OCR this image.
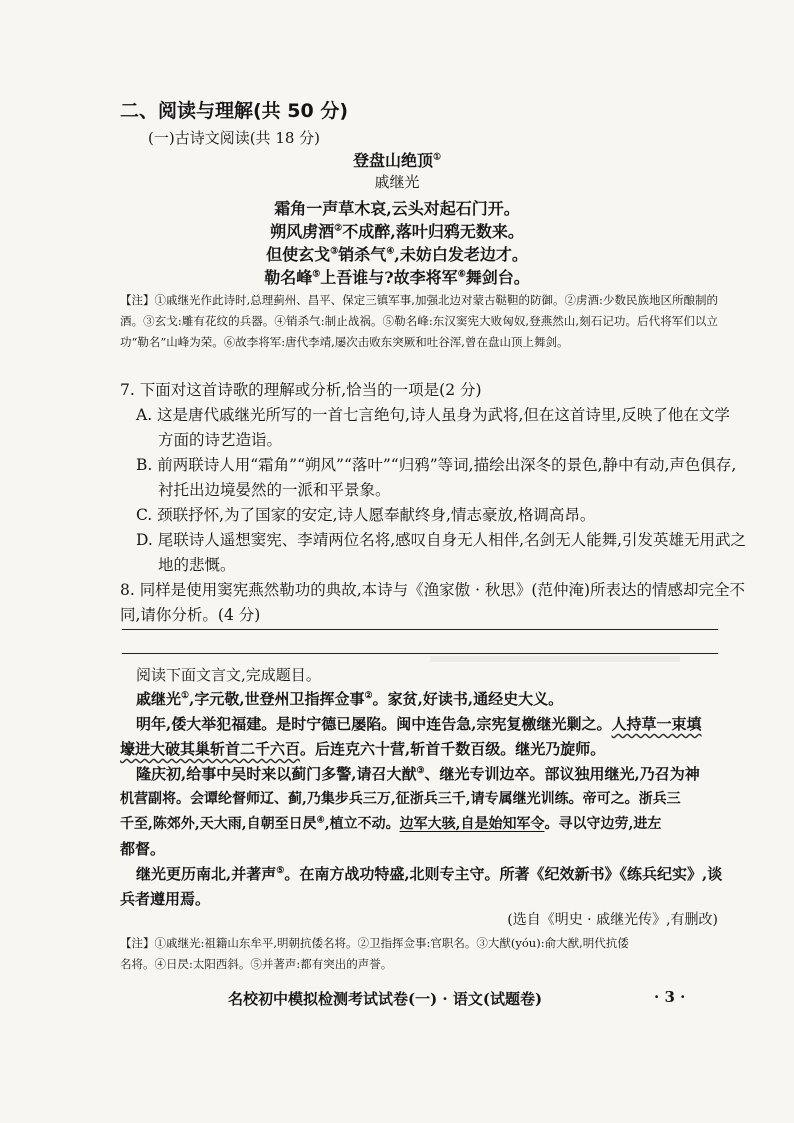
二、阅读与理解(共 50 分)
(一)古诗文阅读(共 18 分)
登盘山绝顶①
戚继光
霜角一声草木哀,云头对起石门开。
朔风虏酒②不成醉,落叶归鸦无数来。
但使玄戈③销杀气④,未妨白发老边才。
勒名峰⑤上吾谁与?故李将军⑥舞剑台。
【注】①戚继光作此诗时,总理蓟州、昌平、保定三镇军事,加强北边对蒙古鞑靼的防御。②虏酒:少数民族地区所酿制的酒。③玄戈:雕有花纹的兵器。④销杀气:制止战祸。⑤勒名峰:东汉窦宪大败匈奴,登燕然山,刻石记功。后代将军们以立功“勒名”山峰为荣。⑥故李将军:唐代李靖,屡次击败东突厥和吐谷浑,曾在盘山顶上舞剑。
7. 下面对这首诗歌的理解或分析,恰当的一项是(2 分)
A. 这是唐代戚继光所写的一首七言绝句,诗人虽身为武将,但在这首诗里,反映了他在文学
方面的诗艺造诣。
B. 前两联诗人用“霜角”“朔风”“落叶”“归鸦”等词,描绘出深冬的景色,静中有动,声色俱存,
衬托出边境晏然的一派和平景象。
C. 颈联抒怀,为了国家的安定,诗人愿奉献终身,情志豪放,格调高昂。
D. 尾联诗人遥想窦宪、李靖两位名将,感叹自身无人相伴,名剑无人能舞,引发英雄无用武之
地的悲慨。
8. 同样是使用窦宪燕然勒功的典故,本诗与《渔家傲 · 秋思》(范仲淹)所表达的情感却完全不
同,请你分析。(4 分)
阅读下面文言文,完成题目。
戚继光①,字元敬,世登州卫指挥佥事②。家贫,好读书,通经史大义。
明年,倭大举犯福建。是时宁德已屡陷。闽中连告急,宗宪复檄继光剿之。人持草一束填
壕进大破其巢斩首二千六百。后连克六十营,斩首千数百级。继光乃旋师。
隆庆初,给事中吴时来以蓟门多警,请召大猷③、继光专训边卒。部议独用继光,乃召为神
机营副将。会谭纶督师辽、蓟,乃集步兵三万,征浙兵三千,请专属继光训练。帝可之。浙兵三
千至,陈郊外,天大雨,自朝至日昃④,植立不动。边军大骇,自是始知军令。寻以守边劳,进左
都督。
继光更历南北,并著声⑤。在南方战功特盛,北则专主守。所著《纪效新书》《练兵纪实》,谈
兵者遵用焉。
(选自《明史 · 戚继光传》,有删改)
【注】①戚继光:祖籍山东牟平,明朝抗倭名将。②卫指挥佥事:官职名。③大猷(yóu):俞大猷,明代抗倭
名将。④日昃:太阳西斜。⑤并著声:都有突出的声誉。
名校初中模拟检测考试试卷(一) · 语文(试题卷)	· 3 ·
